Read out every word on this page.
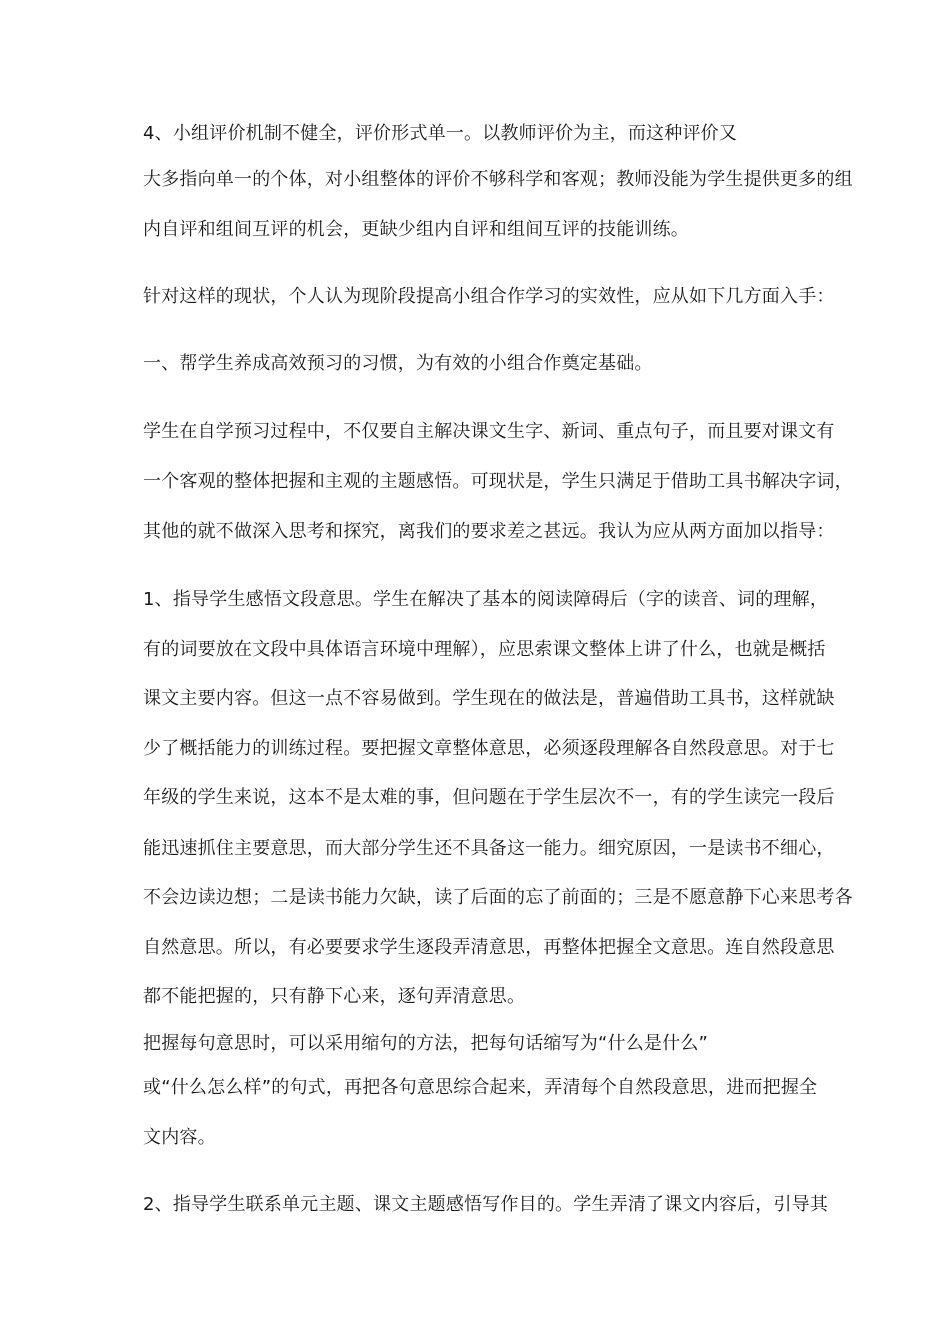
4、小组评价机制不健全，评价形式单一。以教师评价为主，而这种评价又
大多指向单一的个体，对小组整体的评价不够科学和客观；教师没能为学生提供更多的组
内自评和组间互评的机会，更缺少组内自评和组间互评的技能训练。
针对这样的现状，个人认为现阶段提高小组合作学习的实效性，应从如下几方面入手：
一、帮学生养成高效预习的习惯，为有效的小组合作奠定基础。
学生在自学预习过程中，不仅要自主解决课文生字、新词、重点句子，而且要对课文有
一个客观的整体把握和主观的主题感悟。可现状是，学生只满足于借助工具书解决字词，
其他的就不做深入思考和探究，离我们的要求差之甚远。我认为应从两方面加以指导：
1、指导学生感悟文段意思。学生在解决了基本的阅读障碍后（字的读音、词的理解，
有的词要放在文段中具体语言环境中理解），应思索课文整体上讲了什么，也就是概括
课文主要内容。但这一点不容易做到。学生现在的做法是，普遍借助工具书，这样就缺
少了概括能力的训练过程。要把握文章整体意思，必须逐段理解各自然段意思。对于七
年级的学生来说，这本不是太难的事，但问题在于学生层次不一，有的学生读完一段后
能迅速抓住主要意思，而大部分学生还不具备这一能力。细究原因，一是读书不细心，
不会边读边想；二是读书能力欠缺，读了后面的忘了前面的；三是不愿意静下心来思考各
自然意思。所以，有必要要求学生逐段弄清意思，再整体把握全文意思。连自然段意思
都不能把握的，只有静下心来，逐句弄清意思。
把握每句意思时，可以采用缩句的方法，把每句话缩写为“什么是什么”
或“什么怎么样”的句式，再把各句意思综合起来，弄清每个自然段意思，进而把握全
文内容。
2、指导学生联系单元主题、课文主题感悟写作目的。学生弄清了课文内容后，引导其
